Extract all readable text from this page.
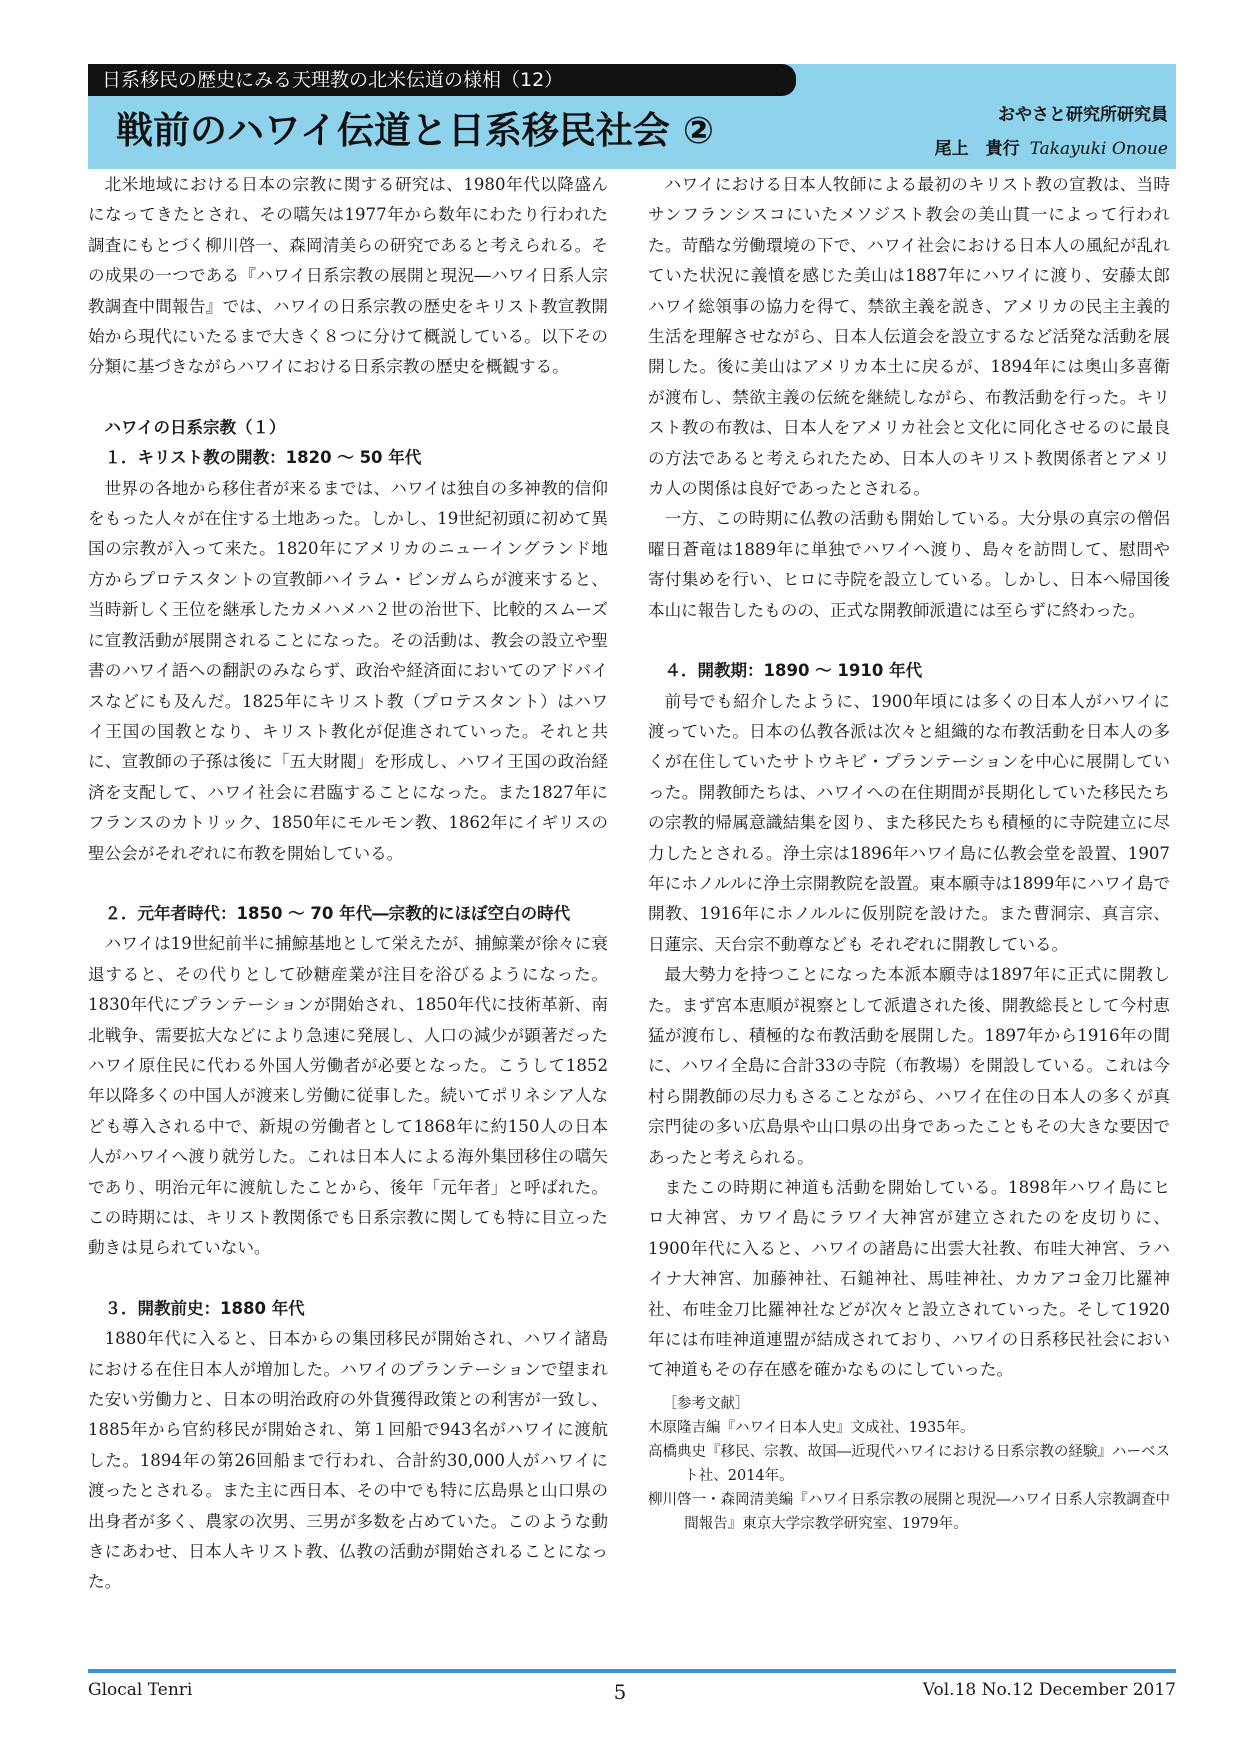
日系移民の歴史にみる天理教の北米伝道の様相（12）
戦前のハワイ伝道と日系移民社会 ②	おやさと研究所研究員
尾上　貴行 Takayuki Onoue

北米地域における日本の宗教に関する研究は、1980年代以降盛んになってきたとされ、その嚆矢は1977年から数年にわたり行われた調査にもとづく柳川啓一、森岡清美らの研究であると考えられる。その成果の一つである『ハワイ日系宗教の展開と現況―ハワイ日系人宗教調査中間報告』では、ハワイの日系宗教の歴史をキリスト教宣教開始から現代にいたるまで大きく８つに分けて概説している。以下その分類に基づきながらハワイにおける日系宗教の歴史を概観する。

ハワイの日系宗教（１）

１．キリスト教の開教：1820 〜 50 年代

世界の各地から移住者が来るまでは、ハワイは独自の多神教的信仰をもった人々が在住する土地あった。しかし、19世紀初頭に初めて異国の宗教が入って来た。1820年にアメリカのニューイングランド地方からプロテスタントの宣教師ハイラム・ビンガムらが渡来すると、当時新しく王位を継承したカメハメハ２世の治世下、比較的スムーズに宣教活動が展開されることになった。その活動は、教会の設立や聖書のハワイ語への翻訳のみならず、政治や経済面においてのアドバイスなどにも及んだ。1825年にキリスト教（プロテスタント）はハワイ王国の国教となり、キリスト教化が促進されていった。それと共に、宣教師の子孫は後に「五大財閥」を形成し、ハワイ王国の政治経済を支配して、ハワイ社会に君臨することになった。また1827年にフランスのカトリック、1850年にモルモン教、1862年にイギリスの聖公会がそれぞれに布教を開始している。

２．元年者時代：1850 〜 70 年代―宗教的にほぼ空白の時代

ハワイは19世紀前半に捕鯨基地として栄えたが、捕鯨業が徐々に衰退すると、その代りとして砂糖産業が注目を浴びるようになった。1830年代にプランテーションが開始され、1850年代に技術革新、南北戦争、需要拡大などにより急速に発展し、人口の減少が顕著だったハワイ原住民に代わる外国人労働者が必要となった。こうして1852年以降多くの中国人が渡来し労働に従事した。続いてポリネシア人なども導入される中で、新規の労働者として1868年に約150人の日本人がハワイへ渡り就労した。これは日本人による海外集団移住の嚆矢であり、明治元年に渡航したことから、後年「元年者」と呼ばれた。この時期には、キリスト教関係でも日系宗教に関しても特に目立った動きは見られていない。

３．開教前史：1880 年代

1880年代に入ると、日本からの集団移民が開始され、ハワイ諸島における在住日本人が増加した。ハワイのプランテーションで望まれた安い労働力と、日本の明治政府の外貨獲得政策との利害が一致し、1885年から官約移民が開始され、第１回船で943名がハワイに渡航した。1894年の第26回船まで行われ、合計約30,000人がハワイに渡ったとされる。また主に西日本、その中でも特に広島県と山口県の出身者が多く、農家の次男、三男が多数を占めていた。このような動きにあわせ、日本人キリスト教、仏教の活動が開始されることになった。

ハワイにおける日本人牧師による最初のキリスト教の宣教は、当時サンフランシスコにいたメソジスト教会の美山貫一によって行われた。苛酷な労働環境の下で、ハワイ社会における日本人の風紀が乱れていた状況に義憤を感じた美山は1887年にハワイに渡り、安藤太郎ハワイ総領事の協力を得て、禁欲主義を説き、アメリカの民主主義的生活を理解させながら、日本人伝道会を設立するなど活発な活動を展開した。後に美山はアメリカ本土に戻るが、1894年には奥山多喜衛が渡布し、禁欲主義の伝統を継続しながら、布教活動を行った。キリスト教の布教は、日本人をアメリカ社会と文化に同化させるのに最良の方法であると考えられたため、日本人のキリスト教関係者とアメリカ人の関係は良好であったとされる。

一方、この時期に仏教の活動も開始している。大分県の真宗の僧侶曜日蒼竜は1889年に単独でハワイへ渡り、島々を訪問して、慰問や寄付集めを行い、ヒロに寺院を設立している。しかし、日本へ帰国後本山に報告したものの、正式な開教師派遣には至らずに終わった。

４．開教期：1890 〜 1910 年代

前号でも紹介したように、1900年頃には多くの日本人がハワイに渡っていた。日本の仏教各派は次々と組織的な布教活動を日本人の多くが在住していたサトウキビ・プランテーションを中心に展開していった。開教師たちは、ハワイへの在住期間が長期化していた移民たちの宗教的帰属意識結集を図り、また移民たちも積極的に寺院建立に尽力したとされる。浄土宗は1896年ハワイ島に仏教会堂を設置、1907年にホノルルに浄土宗開教院を設置。東本願寺は1899年にハワイ島で開教、1916年にホノルルに仮別院を設けた。また曹洞宗、真言宗、日蓮宗、天台宗不動尊なども それぞれに開教している。

最大勢力を持つことになった本派本願寺は1897年に正式に開教した。まず宮本恵順が視察として派遣された後、開教総長として今村恵猛が渡布し、積極的な布教活動を展開した。1897年から1916年の間に、ハワイ全島に合計33の寺院（布教場）を開設している。これは今村ら開教師の尽力もさることながら、ハワイ在住の日本人の多くが真宗門徒の多い広島県や山口県の出身であったこともその大きな要因であったと考えられる。

またこの時期に神道も活動を開始している。1898年ハワイ島にヒロ大神宮、カワイ島にラワイ大神宮が建立されたのを皮切りに、1900年代に入ると、ハワイの諸島に出雲大社教、布哇大神宮、ラハイナ大神宮、加藤神社、石鎚神社、馬哇神社、カカアコ金刀比羅神社、布哇金刀比羅神社などが次々と設立されていった。そして1920年には布哇神道連盟が結成されており、ハワイの日系移民社会において神道もその存在感を確かなものにしていった。

［参考文献］

木原隆吉編『ハワイ日本人史』文成社、1935年。

高橋典史『移民、宗教、故国―近現代ハワイにおける日系宗教の経験』ハーベスト社、2014年。

柳川啓一・森岡清美編『ハワイ日系宗教の展開と現況―ハワイ日系人宗教調査中間報告』東京大学宗教学研究室、1979年。

Glocal Tenri	5	Vol.18 No.12 December 2017
